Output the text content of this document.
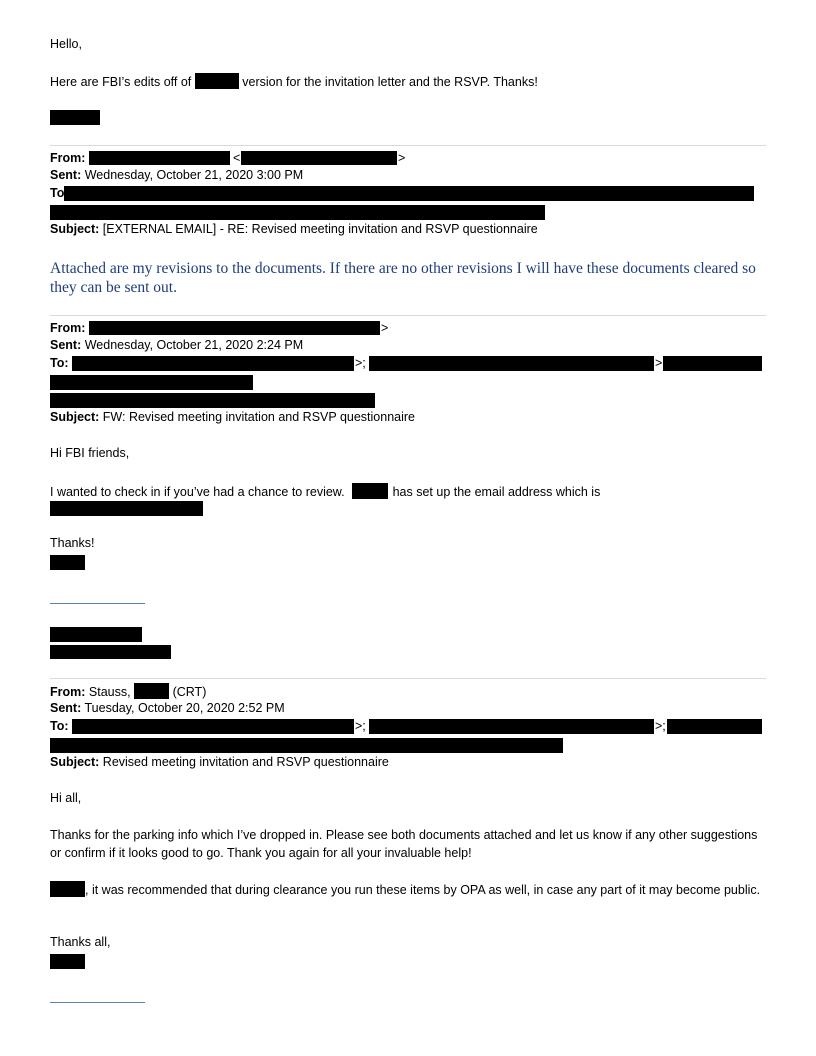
Hello,
Here are FBI’s edits off of	version for the invitation letter and the RSVP. Thanks!
From:	<	>
Sent: Wednesday, October 21, 2020 3:00 PM
To
Subject: [EXTERNAL EMAIL] - RE: Revised meeting invitation and RSVP questionnaire
Attached are my revisions to the documents. If there are no other revisions I will have these documents cleared so they can be sent out.
From:	>
Sent: Wednesday, October 21, 2020 2:24 PM
To:	>;	>
Subject: FW: Revised meeting invitation and RSVP questionnaire
Hi FBI friends,
I wanted to check in if you’ve had a chance to review.	has set up the email address which is
Thanks!
From: Stauss,	(CRT)
Sent: Tuesday, October 20, 2020 2:52 PM
To:	>;	>;
Subject: Revised meeting invitation and RSVP questionnaire
Hi all,
Thanks for the parking info which I’ve dropped in. Please see both documents attached and let us know if any other suggestions or confirm if it looks good to go. Thank you again for all your invaluable help!
, it was recommended that during clearance you run these items by OPA as well, in case any part of it may become public.
Thanks all,
